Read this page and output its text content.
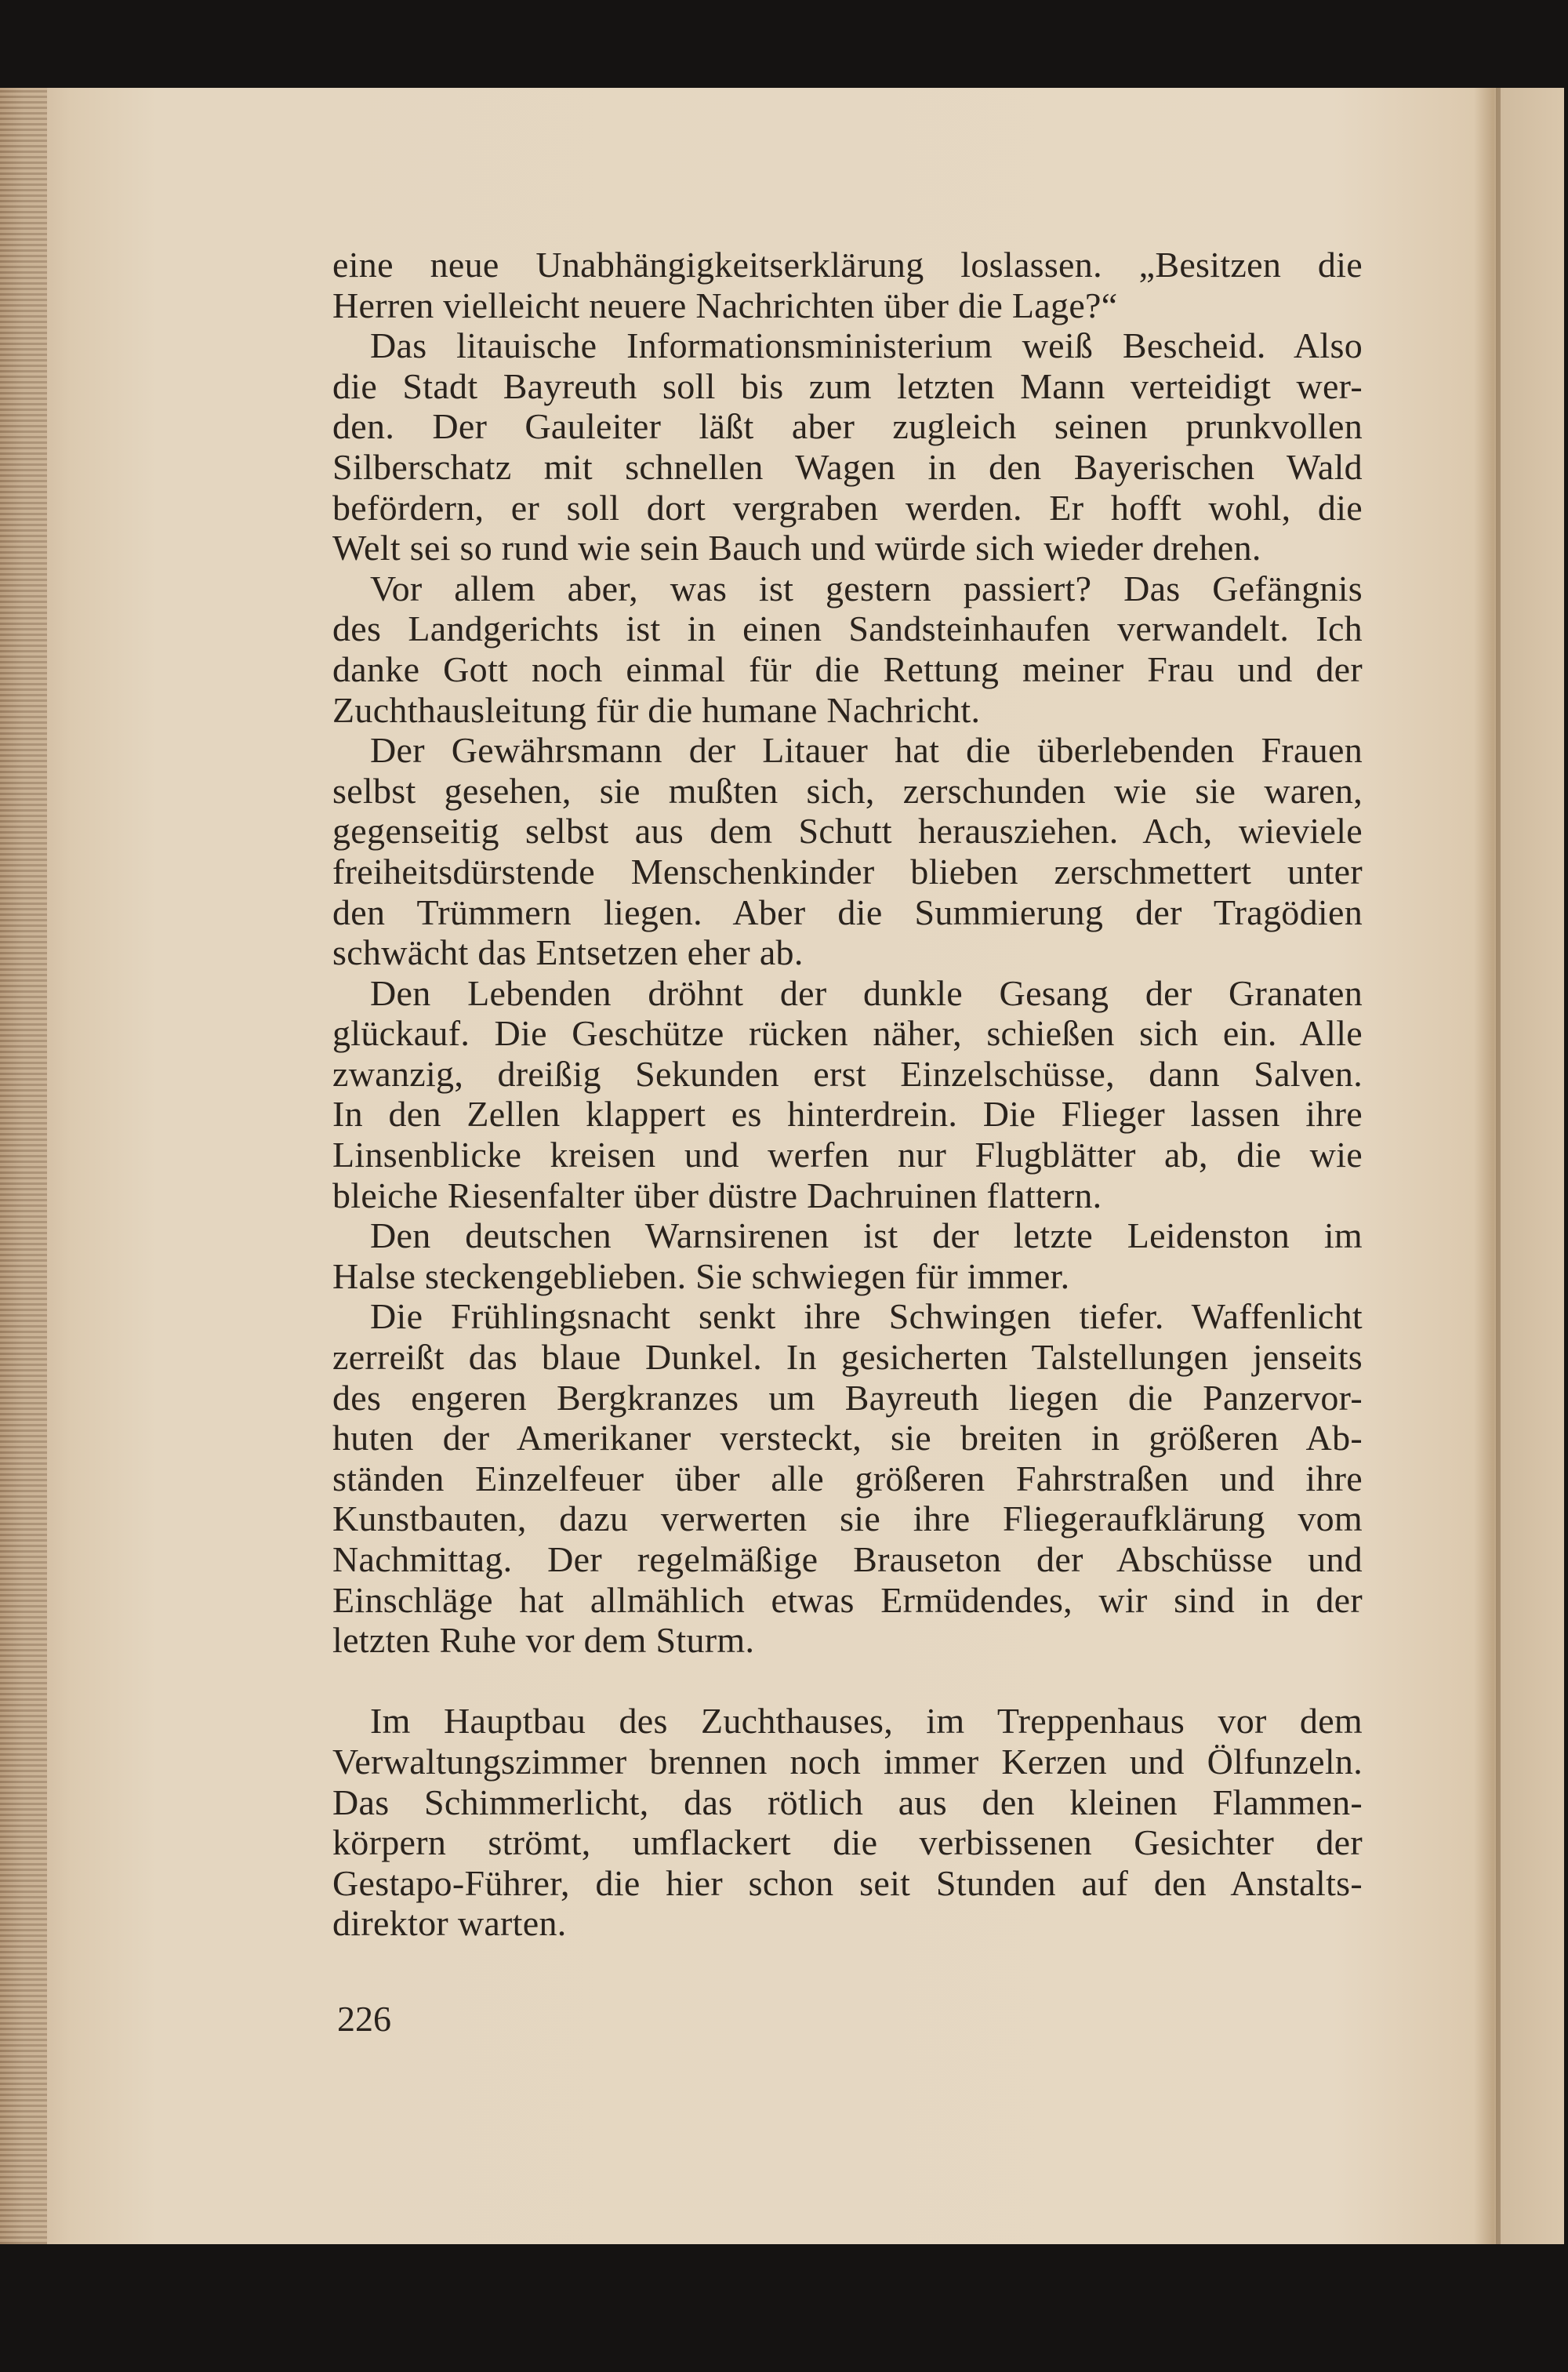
eine neue Unabhängigkeitserklärung loslassen. „Besitzen die
Herren vielleicht neuere Nachrichten über die Lage?“
Das litauische Informationsministerium weiß Bescheid. Also
die Stadt Bayreuth soll bis zum letzten Mann verteidigt wer-
den. Der Gauleiter läßt aber zugleich seinen prunkvollen
Silberschatz mit schnellen Wagen in den Bayerischen Wald
befördern, er soll dort vergraben werden. Er hofft wohl, die
Welt sei so rund wie sein Bauch und würde sich wieder drehen.
Vor allem aber, was ist gestern passiert? Das Gefängnis
des Landgerichts ist in einen Sandsteinhaufen verwandelt. Ich
danke Gott noch einmal für die Rettung meiner Frau und der
Zuchthausleitung für die humane Nachricht.
Der Gewährsmann der Litauer hat die überlebenden Frauen
selbst gesehen, sie mußten sich, zerschunden wie sie waren,
gegenseitig selbst aus dem Schutt herausziehen. Ach, wieviele
freiheitsdürstende Menschenkinder blieben zerschmettert unter
den Trümmern liegen. Aber die Summierung der Tragödien
schwächt das Entsetzen eher ab.
Den Lebenden dröhnt der dunkle Gesang der Granaten
glückauf. Die Geschütze rücken näher, schießen sich ein. Alle
zwanzig, dreißig Sekunden erst Einzelschüsse, dann Salven.
In den Zellen klappert es hinterdrein. Die Flieger lassen ihre
Linsenblicke kreisen und werfen nur Flugblätter ab, die wie
bleiche Riesenfalter über düstre Dachruinen flattern.
Den deutschen Warnsirenen ist der letzte Leidenston im
Halse steckengeblieben. Sie schwiegen für immer.
Die Frühlingsnacht senkt ihre Schwingen tiefer. Waffenlicht
zerreißt das blaue Dunkel. In gesicherten Talstellungen jenseits
des engeren Bergkranzes um Bayreuth liegen die Panzervor-
huten der Amerikaner versteckt, sie breiten in größeren Ab-
ständen Einzelfeuer über alle größeren Fahrstraßen und ihre
Kunstbauten, dazu verwerten sie ihre Fliegeraufklärung vom
Nachmittag. Der regelmäßige Brauseton der Abschüsse und
Einschläge hat allmählich etwas Ermüdendes, wir sind in der
letzten Ruhe vor dem Sturm.
Im Hauptbau des Zuchthauses, im Treppenhaus vor dem
Verwaltungszimmer brennen noch immer Kerzen und Ölfunzeln.
Das Schimmerlicht, das rötlich aus den kleinen Flammen-
körpern strömt, umflackert die verbissenen Gesichter der
Gestapo-Führer, die hier schon seit Stunden auf den Anstalts-
direktor warten.
226
